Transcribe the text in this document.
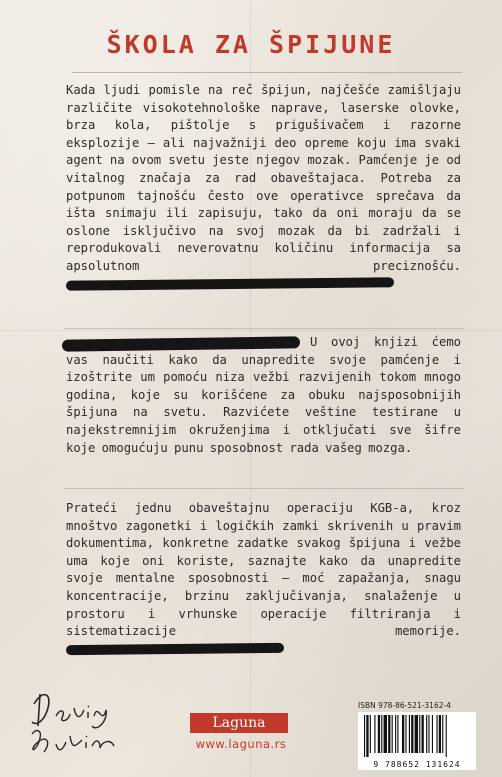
ŠKOLA ZA ŠPIJUNE

Kada ljudi pomisle na reč špijun, najčešće zamišljaju različite visokotehnološke naprave, laserske olovke, brza kola, pištolje s prigušivačem i razorne eksplozije – ali najvažniji deo opreme koju ima svaki agent na ovom svetu jeste njegov mozak. Pamćenje je od vitalnog značaja za rad obaveštajaca. Potreba za potpunom tajnošću često ove operativce sprečava da išta snimaju ili zapisuju, tako da oni moraju da se oslone isključivo na svoj mozak da bi zadržali i reprodukovali neverovatnu količinu informacija sa apsolutnom preciznošću.

U ovoj knjizi ćemo vas naučiti kako da unapredite svoje pamćenje i izoštrite um pomoću niza vežbi razvijenih tokom mnogo godina, koje su korišćene za obuku najsposobnijih špijuna na svetu. Razvićete veštine testirane u najekstremnijim okruženjima i otključati sve šifre koje omogućuju punu sposobnost rada vašeg mozga.

Prateći jednu obaveštajnu operaciju KGB-a, kroz mnoštvo zagonetki i logičkih zamki skrivenih u pravim dokumentima, konkretne zadatke svakog špijuna i vežbe uma koje oni koriste, saznajte kako da unapredite svoje mentalne sposobnosti – moć zapažanja, snagu koncentracije, brzinu zaključivanja, snalaženje u prostoru i vrhunske operacije filtriranja i sistematizacije memorije.

Laguna
www.laguna.rs
ISBN 978-86-521-3162-4
9 788652 131624
